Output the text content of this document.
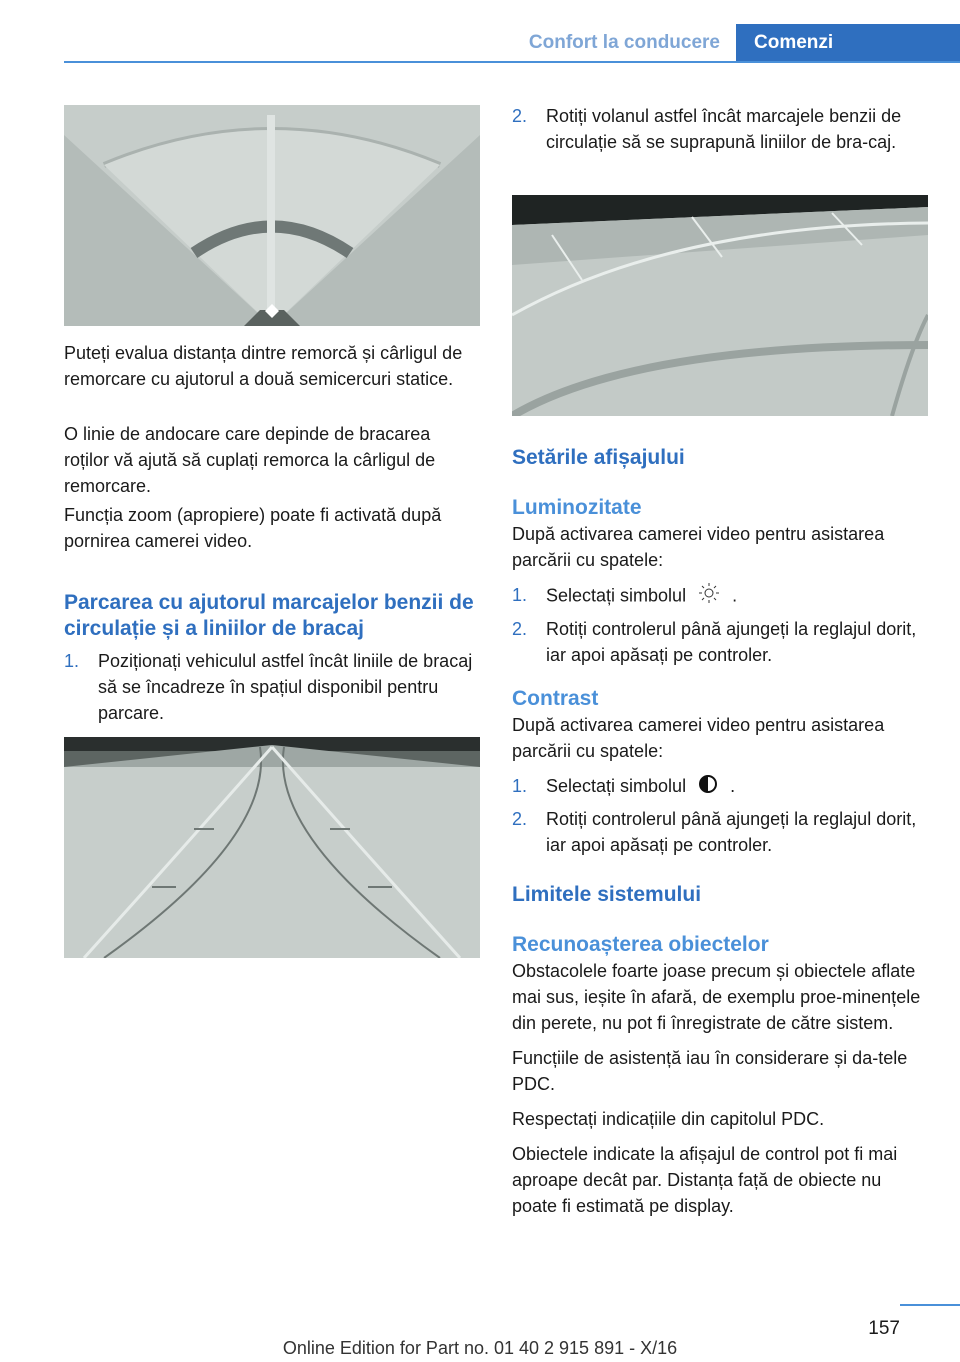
Confort la conducere	Comenzi

Puteți evalua distanța dintre remorcă și cârligul de remorcare cu ajutorul a două semicercuri statice.

O linie de andocare care depinde de bracarea roților vă ajută să cuplați remorca la cârligul de remorcare.

Funcția zoom (apropiere) poate fi activată după pornirea camerei video.

Parcarea cu ajutorul marcajelor benzii de circulație și a liniilor de bracaj
1.	Poziționați vehiculul astfel încât liniile de bracaj să se încadreze în spațiul disponibil pentru parcare.
2.	Rotiți volanul astfel încât marcajele benzii de circulație să se suprapună liniilor de bra-caj.
Setările afișajului
Luminozitate

După activarea camerei video pentru asistarea parcării cu spatele:

1.	Selectați simbolul	.
2.	Rotiți controlerul până ajungeți la reglajul dorit, iar apoi apăsați pe controler.
Contrast

După activarea camerei video pentru asistarea parcării cu spatele:

1.	Selectați simbolul .
2.	Rotiți controlerul până ajungeți la reglajul dorit, iar apoi apăsați pe controler.
Limitele sistemului
Recunoașterea obiectelor

Obstacolele foarte joase precum și obiectele aflate mai sus, ieșite în afară, de exemplu proe-minențele din perete, nu pot fi înregistrate de către sistem.

Funcțiile de asistență iau în considerare și da-tele PDC.

Respectați indicațiile din capitolul PDC.

Obiectele indicate la afișajul de control pot fi mai aproape decât par. Distanța față de obiecte nu poate fi estimată pe display.

157
Online Edition for Part no. 01 40 2 915 891 - X/16
